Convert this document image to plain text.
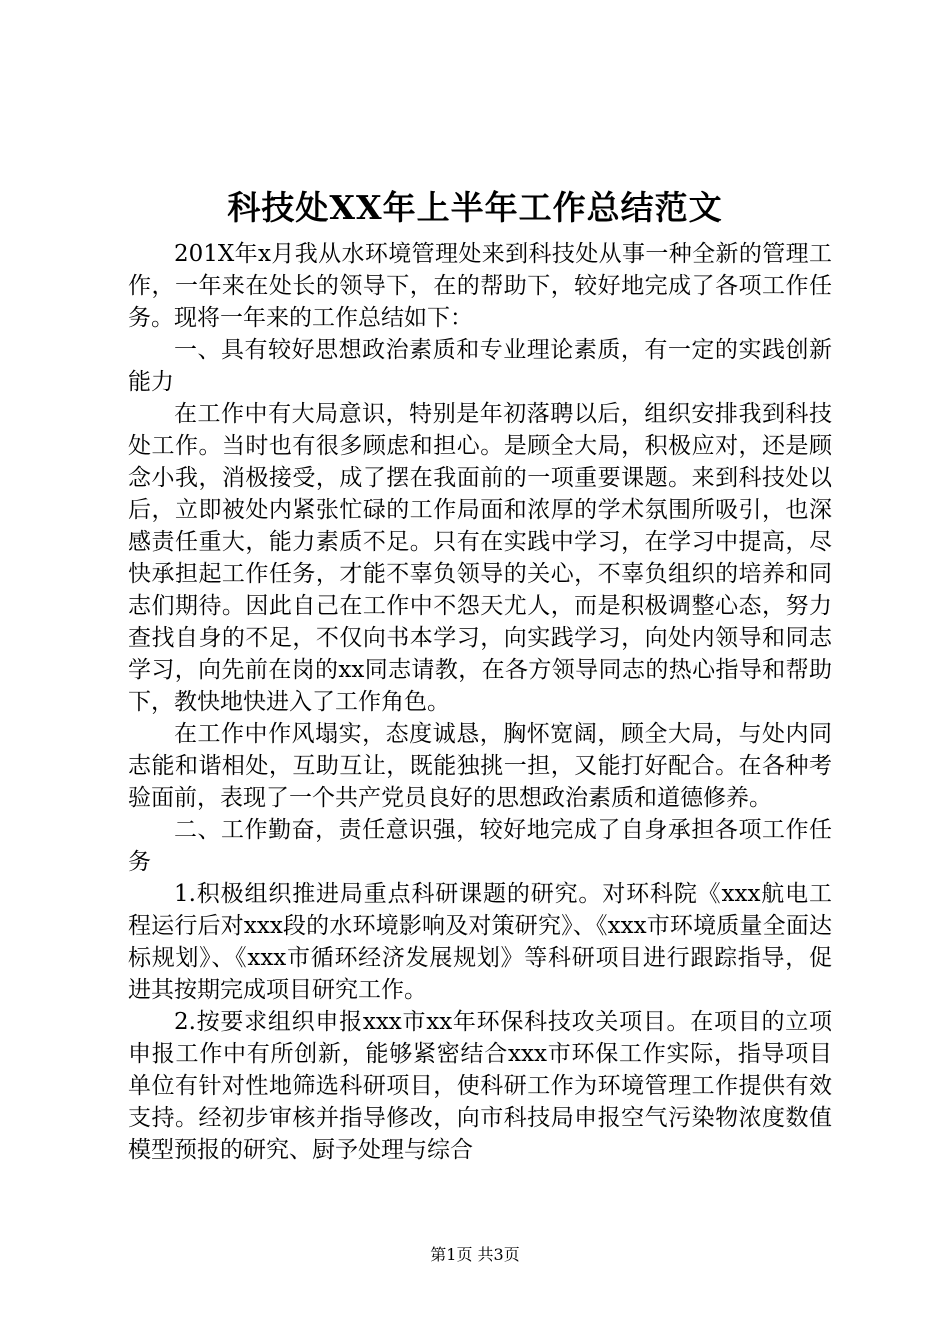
科技处XX年上半年工作总结范文

201X年x月我从水环境管理处来到科技处从事一种全新的管理工作，一年来在处长的领导下，在的帮助下，较好地完成了各项工作任务。现将一年来的工作总结如下：

一、具有较好思想政治素质和专业理论素质，有一定的实践创新能力

在工作中有大局意识，特别是年初落聘以后，组织安排我到科技处工作。当时也有很多顾虑和担心。是顾全大局，积极应对，还是顾念小我，消极接受，成了摆在我面前的一项重要课题。来到科技处以后，立即被处内紧张忙碌的工作局面和浓厚的学术氛围所吸引，也深感责任重大，能力素质不足。只有在实践中学习，在学习中提高，尽快承担起工作任务，才能不辜负领导的关心，不辜负组织的培养和同志们期待。因此自己在工作中不怨天尤人，而是积极调整心态，努力查找自身的不足，不仅向书本学习，向实践学习，向处内领导和同志学习，向先前在岗的xx同志请教，在各方领导同志的热心指导和帮助下，教快地快进入了工作角色。

在工作中作风塌实，态度诚恳，胸怀宽阔，顾全大局，与处内同志能和谐相处，互助互让，既能独挑一担，又能打好配合。在各种考验面前，表现了一个共产党员良好的思想政治素质和道德修养。

二、工作勤奋，责任意识强，较好地完成了自身承担各项工作任务

1.积极组织推进局重点科研课题的研究。对环科院《xxx航电工程运行后对xxx段的水环境影响及对策研究》、《xxx市环境质量全面达标规划》、《xxx市循环经济发展规划》等科研项目进行跟踪指导，促进其按期完成项目研究工作。

2.按要求组织申报xxx市xx年环保科技攻关项目。在项目的立项申报工作中有所创新，能够紧密结合xxx市环保工作实际，指导项目单位有针对性地筛选科研项目，使科研工作为环境管理工作提供有效支持。经初步审核并指导修改，向市科技局申报空气污染物浓度数值模型预报的研究、厨予处理与综合

第1页 共3页
